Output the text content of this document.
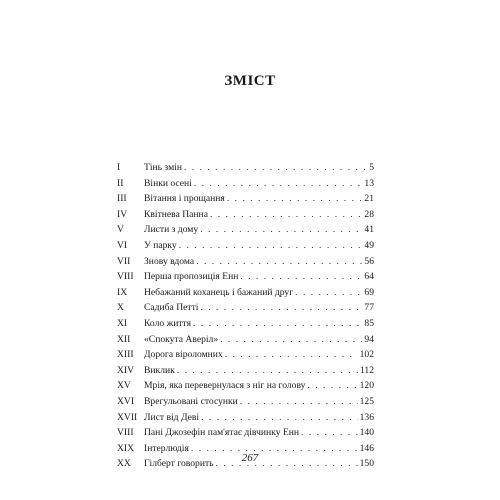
ЗМІСТ
I Тінь змін . . .	5
II Вінки осені . . .	13
III Вітання і прощання . . .	21
IV Квітнева Панна . . .	28
V Листи з дому . . .	41
VI У парку . . .	49
VII Знову вдома . . .	56
VIII Перша пропозиція Енн . . .	64
IX Небажаний коханець і бажаний друг . . .	69
X Садиба Петті . . .	77
XI Коло життя . . .	85
XII «Спокута Аверіл» . . .	94
XIII Дорога віроломних . . .	102
XIV Виклик . . .	112
XV Мрія, яка перевернулася з ніг на голову . . .	120
XVI Врегульовані стосунки . . .	125
XVII Лист від Деві . . .	136
VIII Пані Джозефін пам'ятає дівчинку Енн . . .	140
XIX Інтерлюдія . . .	146
XX Гілберт говорить . . .	150
267
